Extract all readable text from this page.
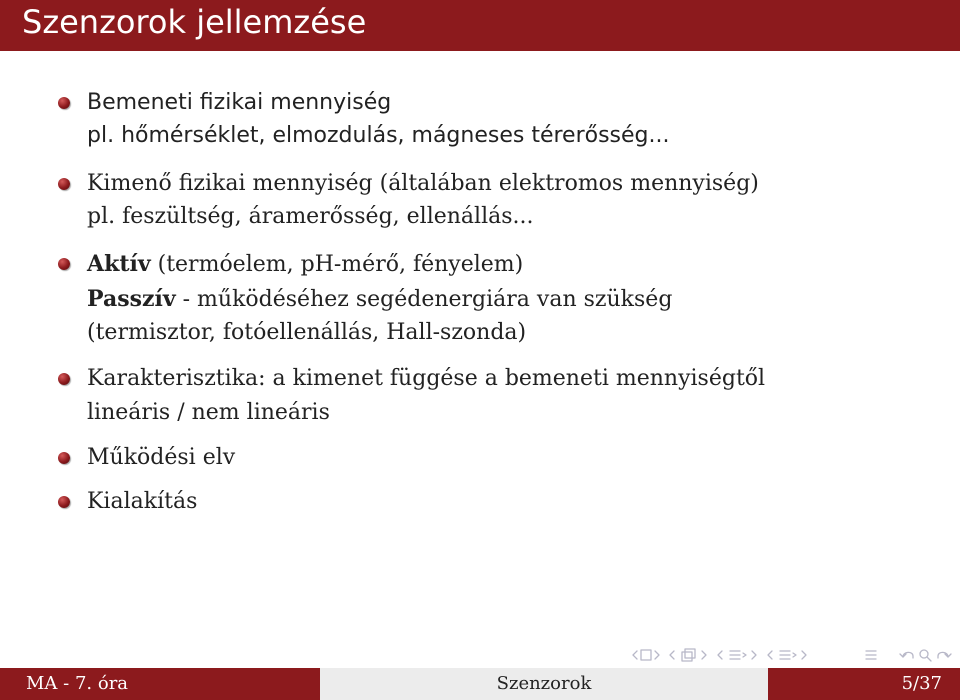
Szenzorok jellemzése
Bemeneti fizikai mennyiség
pl. hőmérséklet, elmozdulás, mágneses térerősség...
Kimenő fizikai mennyiség (általában elektromos mennyiség)
pl. feszültség, áramerősség, ellenállás...
Aktív (termóelem, pH-mérő, fényelem)
Passzív - működéséhez segédenergiára van szükség
(termisztor, fotóellenállás, Hall-szonda)
Karakterisztika: a kimenet függése a bemeneti mennyiségtől
lineáris / nem lineáris
Működési elv
Kialakítás
MA - 7. óra	Szenzorok	5/37
